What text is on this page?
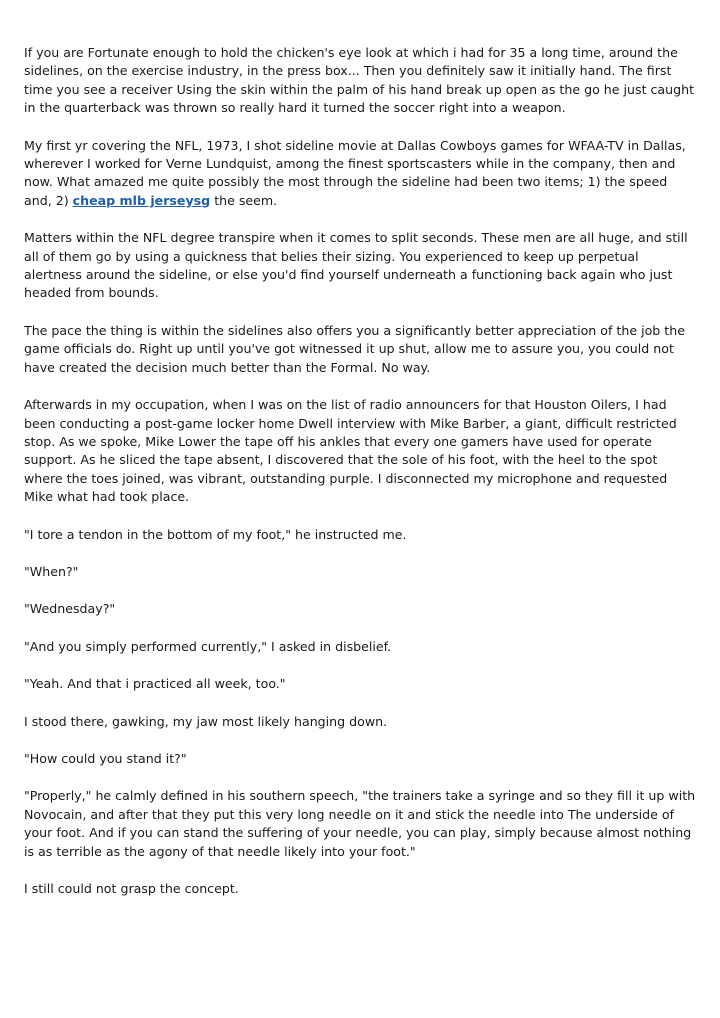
If you are Fortunate enough to hold the chicken's eye look at which i had for 35 a long time, around the sidelines, on the exercise industry, in the press box... Then you definitely saw it initially hand. The first time you see a receiver Using the skin within the palm of his hand break up open as the go he just caught in the quarterback was thrown so really hard it turned the soccer right into a weapon.

My first yr covering the NFL, 1973, I shot sideline movie at Dallas Cowboys games for WFAA-TV in Dallas, wherever I worked for Verne Lundquist, among the finest sportscasters while in the company, then and now. What amazed me quite possibly the most through the sideline had been two items; 1) the speed and, 2) cheap mlb jerseysg the seem.

Matters within the NFL degree transpire when it comes to split seconds. These men are all huge, and still all of them go by using a quickness that belies their sizing. You experienced to keep up perpetual alertness around the sideline, or else you'd find yourself underneath a functioning back again who just headed from bounds.

The pace the thing is within the sidelines also offers you a significantly better appreciation of the job the game officials do. Right up until you've got witnessed it up shut, allow me to assure you, you could not have created the decision much better than the Formal. No way.

Afterwards in my occupation, when I was on the list of radio announcers for that Houston Oilers, I had been conducting a post-game locker home Dwell interview with Mike Barber, a giant, difficult restricted stop. As we spoke, Mike Lower the tape off his ankles that every one gamers have used for operate support. As he sliced the tape absent, I discovered that the sole of his foot, with the heel to the spot where the toes joined, was vibrant, outstanding purple. I disconnected my microphone and requested Mike what had took place.

"I tore a tendon in the bottom of my foot," he instructed me.

"When?"

"Wednesday?"

"And you simply performed currently," I asked in disbelief.

"Yeah. And that i practiced all week, too."

I stood there, gawking, my jaw most likely hanging down.

"How could you stand it?"

"Properly," he calmly defined in his southern speech, "the trainers take a syringe and so they fill it up with Novocain, and after that they put this very long needle on it and stick the needle into The underside of your foot. And if you can stand the suffering of your needle, you can play, simply because almost nothing is as terrible as the agony of that needle likely into your foot."

I still could not grasp the concept.
